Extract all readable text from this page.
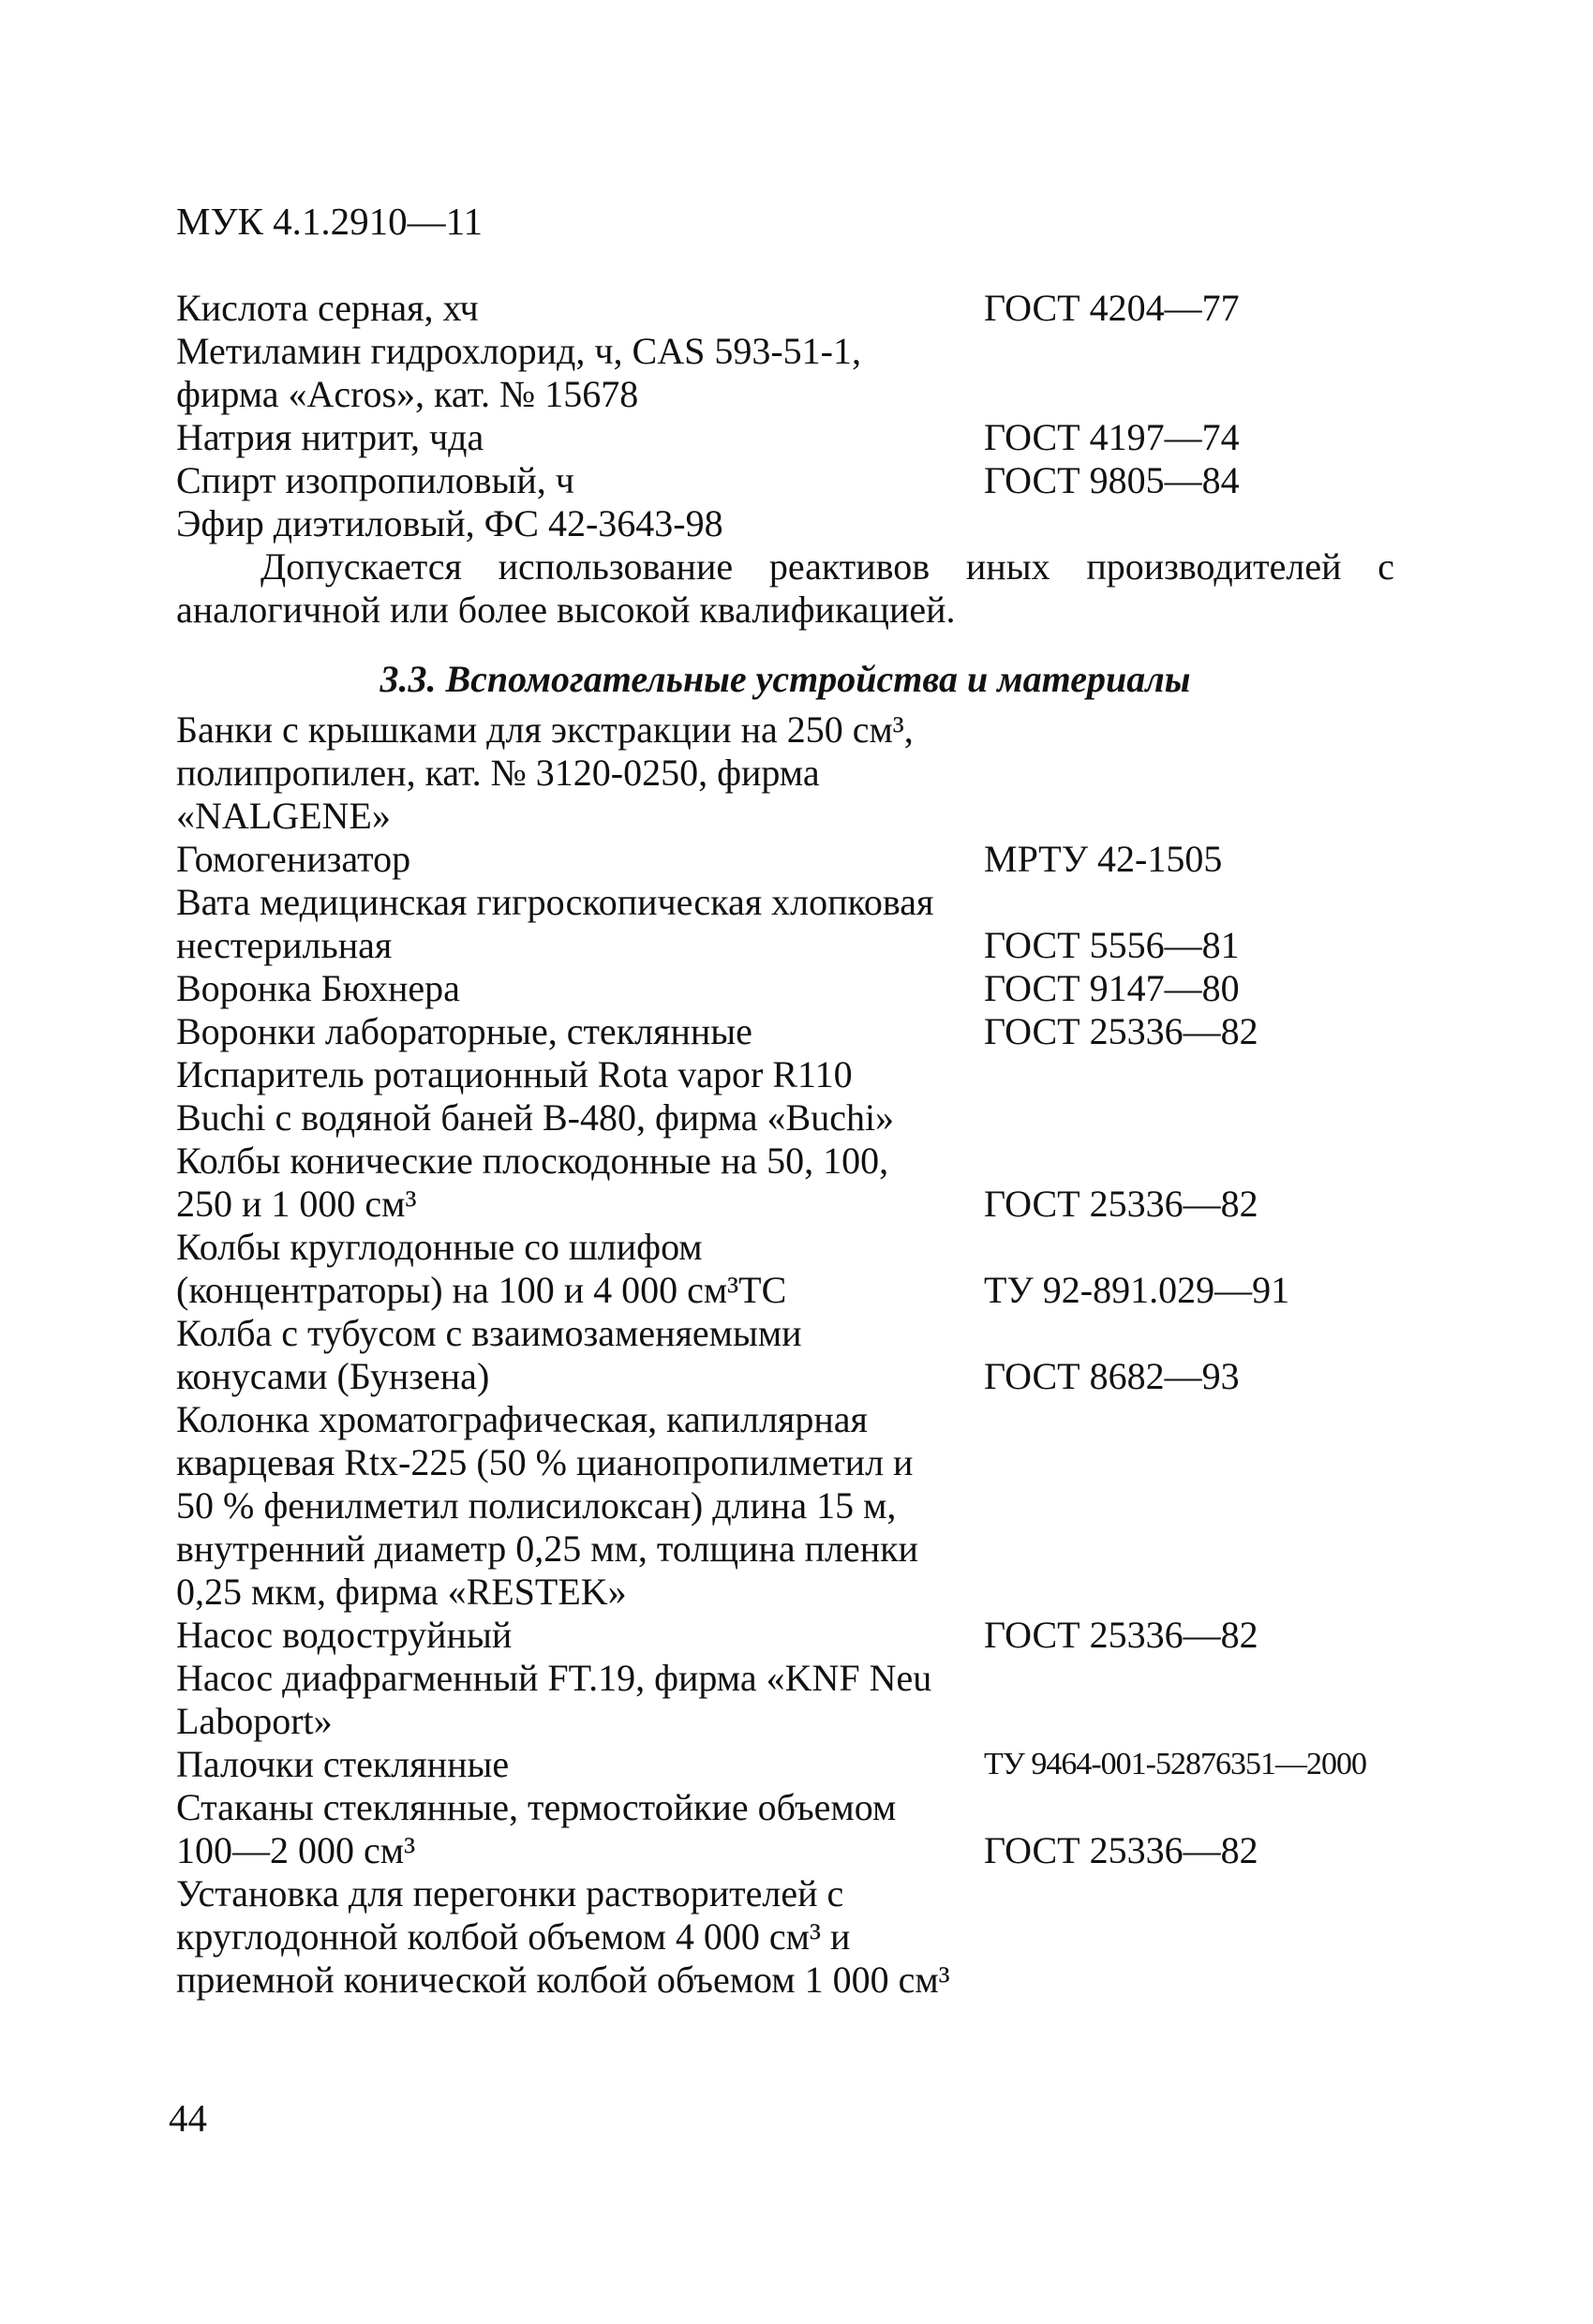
МУК 4.1.2910—11
Кислота серная, хч	ГОСТ 4204—77
Метиламин гидрохлорид, ч, CAS 593-51-1, фирма «Acros», кат. № 15678
Натрия нитрит, чда	ГОСТ 4197—74
Спирт изопропиловый, ч	ГОСТ 9805—84
Эфир диэтиловый, ФС 42-3643-98
Допускается использование реактивов иных производителей с аналогичной или более высокой квалификацией.
3.3. Вспомогательные устройства и материалы
Банки с крышками для экстракции на 250 см³, полипропилен, кат. № 3120-0250, фирма «NALGENE»
Гомогенизатор	МРТУ 42-1505
Вата медицинская гигроскопическая хлопковая нестерильная	ГОСТ 5556—81
Воронка Бюхнера	ГОСТ 9147—80
Воронки лабораторные, стеклянные	ГОСТ 25336—82
Испаритель ротационный Rota vapor R110 Buchi с водяной баней В-480, фирма «Buchi»
Колбы конические плоскодонные на 50, 100, 250 и 1 000 см³	ГОСТ 25336—82
Колбы круглодонные со шлифом (концентраторы) на 100 и 4 000 см³ТС	ТУ 92-891.029—91
Колба с тубусом с взаимозаменяемыми конусами (Бунзена)	ГОСТ 8682—93
Колонка хроматографическая, капиллярная кварцевая Rtx-225 (50 % цианопропилметил и 50 % фенилметил полисилоксан) длина 15 м, внутренний диаметр 0,25 мм, толщина пленки 0,25 мкм, фирма «RESTEK»
Насос водоструйный	ГОСТ 25336—82
Насос диафрагменный FT.19, фирма «KNF Neu Laboport»
Палочки стеклянные	ТУ 9464-001-52876351—2000
Стаканы стеклянные, термостойкие объемом 100—2 000 см³	ГОСТ 25336—82
Установка для перегонки растворителей с круглодонной колбой объемом 4 000 см³ и приемной конической колбой объемом 1 000 см³
44
